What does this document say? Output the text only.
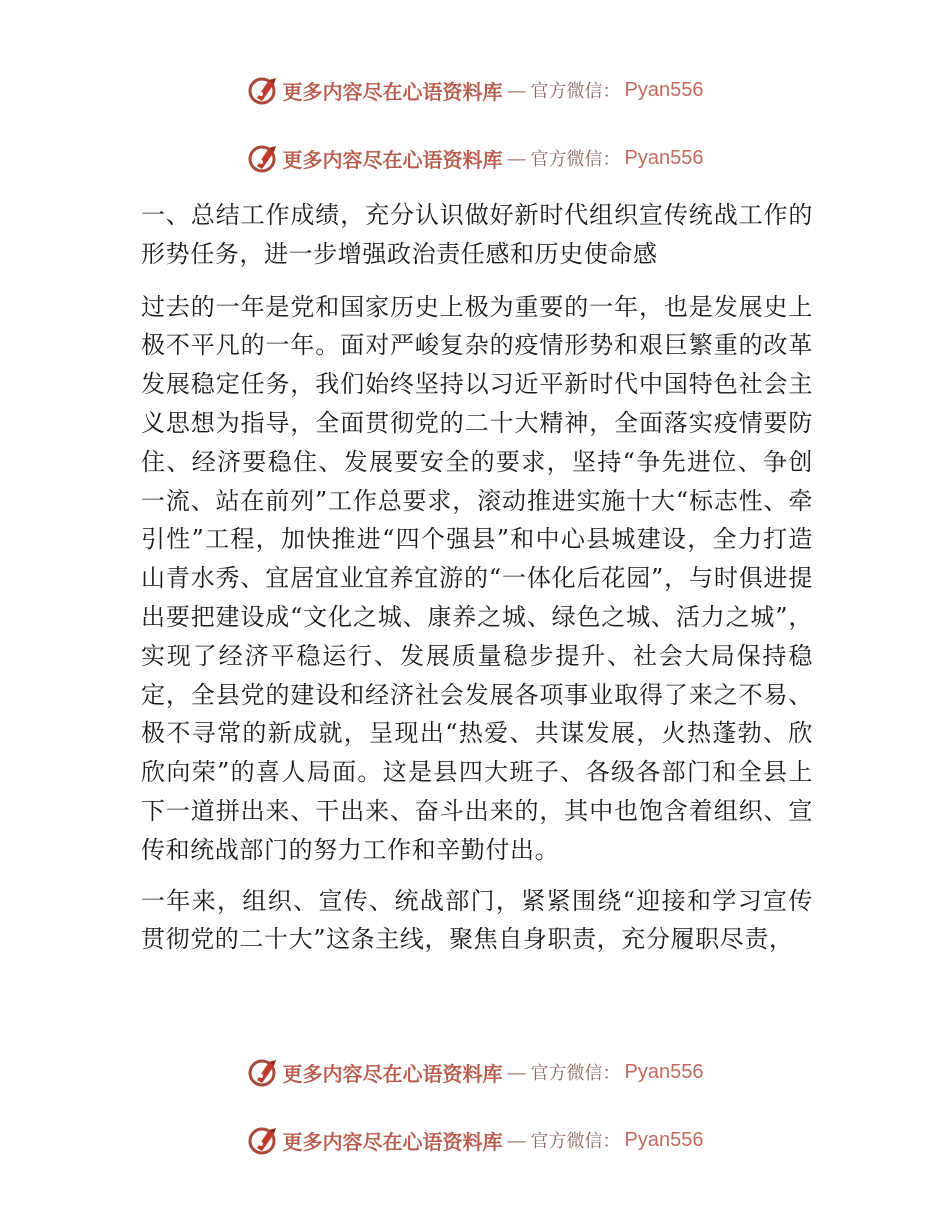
更多内容尽在心语资料库 — 官方微信： Pyan556
更多内容尽在心语资料库 — 官方微信： Pyan556

一、总结工作成绩，充分认识做好新时代组织宣传统战工作的形势任务，进一步增强政治责任感和历史使命感

过去的一年是党和国家历史上极为重要的一年，也是发展史上极不平凡的一年。面对严峻复杂的疫情形势和艰巨繁重的改革发展稳定任务，我们始终坚持以习近平新时代中国特色社会主义思想为指导，全面贯彻党的二十大精神，全面落实疫情要防住、经济要稳住、发展要安全的要求，坚持“争先进位、争创一流、站在前列”工作总要求，滚动推进实施十大“标志性、牵引性”工程，加快推进“四个强县”和中心县城建设，全力打造山青水秀、宜居宜业宜养宜游的“一体化后花园”，与时俱进提出要把建设成“文化之城、康养之城、绿色之城、活力之城”，实现了经济平稳运行、发展质量稳步提升、社会大局保持稳定，全县党的建设和经济社会发展各项事业取得了来之不易、极不寻常的新成就，呈现出“热爱、共谋发展，火热蓬勃、欣欣向荣”的喜人局面。这是县四大班子、各级各部门和全县上下一道拼出来、干出来、奋斗出来的，其中也饱含着组织、宣传和统战部门的努力工作和辛勤付出。

一年来，组织、宣传、统战部门，紧紧围绕“迎接和学习宣传贯彻党的二十大”这条主线，聚焦自身职责，充分履职尽责，

更多内容尽在心语资料库 — 官方微信： Pyan556
更多内容尽在心语资料库 — 官方微信： Pyan556
